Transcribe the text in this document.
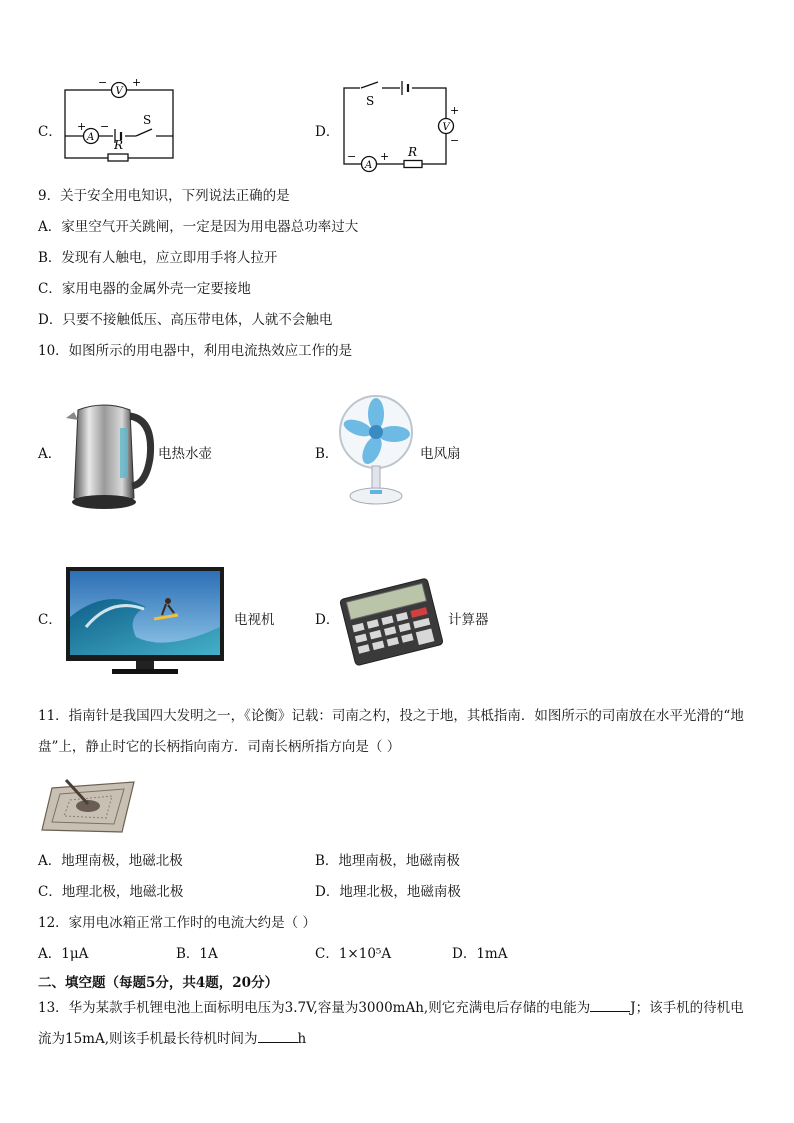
C．
V
− +
A
+ −	S
R
D．
S
V
+
−
A
− + R
9．关于安全用电知识，下列说法正确的是
A．家里空气开关跳闸，一定是因为用电器总功率过大
B．发现有人触电，应立即用手将人拉开
C．家用电器的金属外壳一定要接地
D．只要不接触低压、高压带电体，人就不会触电
10．如图所示的用电器中，利用电流热效应工作的是
A．	电热水壶	B．	电风扇
C．	电视机	D．	计算器
11．指南针是我国四大发明之一，《论衡》记载：司南之杓，投之于地，其柢指南．如图所示的司南放在水平光滑的“地
盘”上，静止时它的长柄指向南方．司南长柄所指方向是（ ）
A．地理南极，地磁北极	B．地理南极，地磁南极
C．地理北极，地磁北极	D．地理北极，地磁南极
12．家用电冰箱正常工作时的电流大约是（ ）
A．1μA	B．1A	C．1×10⁵A	D．1mA
二、填空题（每题5分，共4题，20分）
13．华为某款手机锂电池上面标明电压为3.7V,容量为3000mAh,则它充满电后存储的电能为	J；该手机的待机电
流为15mA,则该手机最长待机时间为	h
